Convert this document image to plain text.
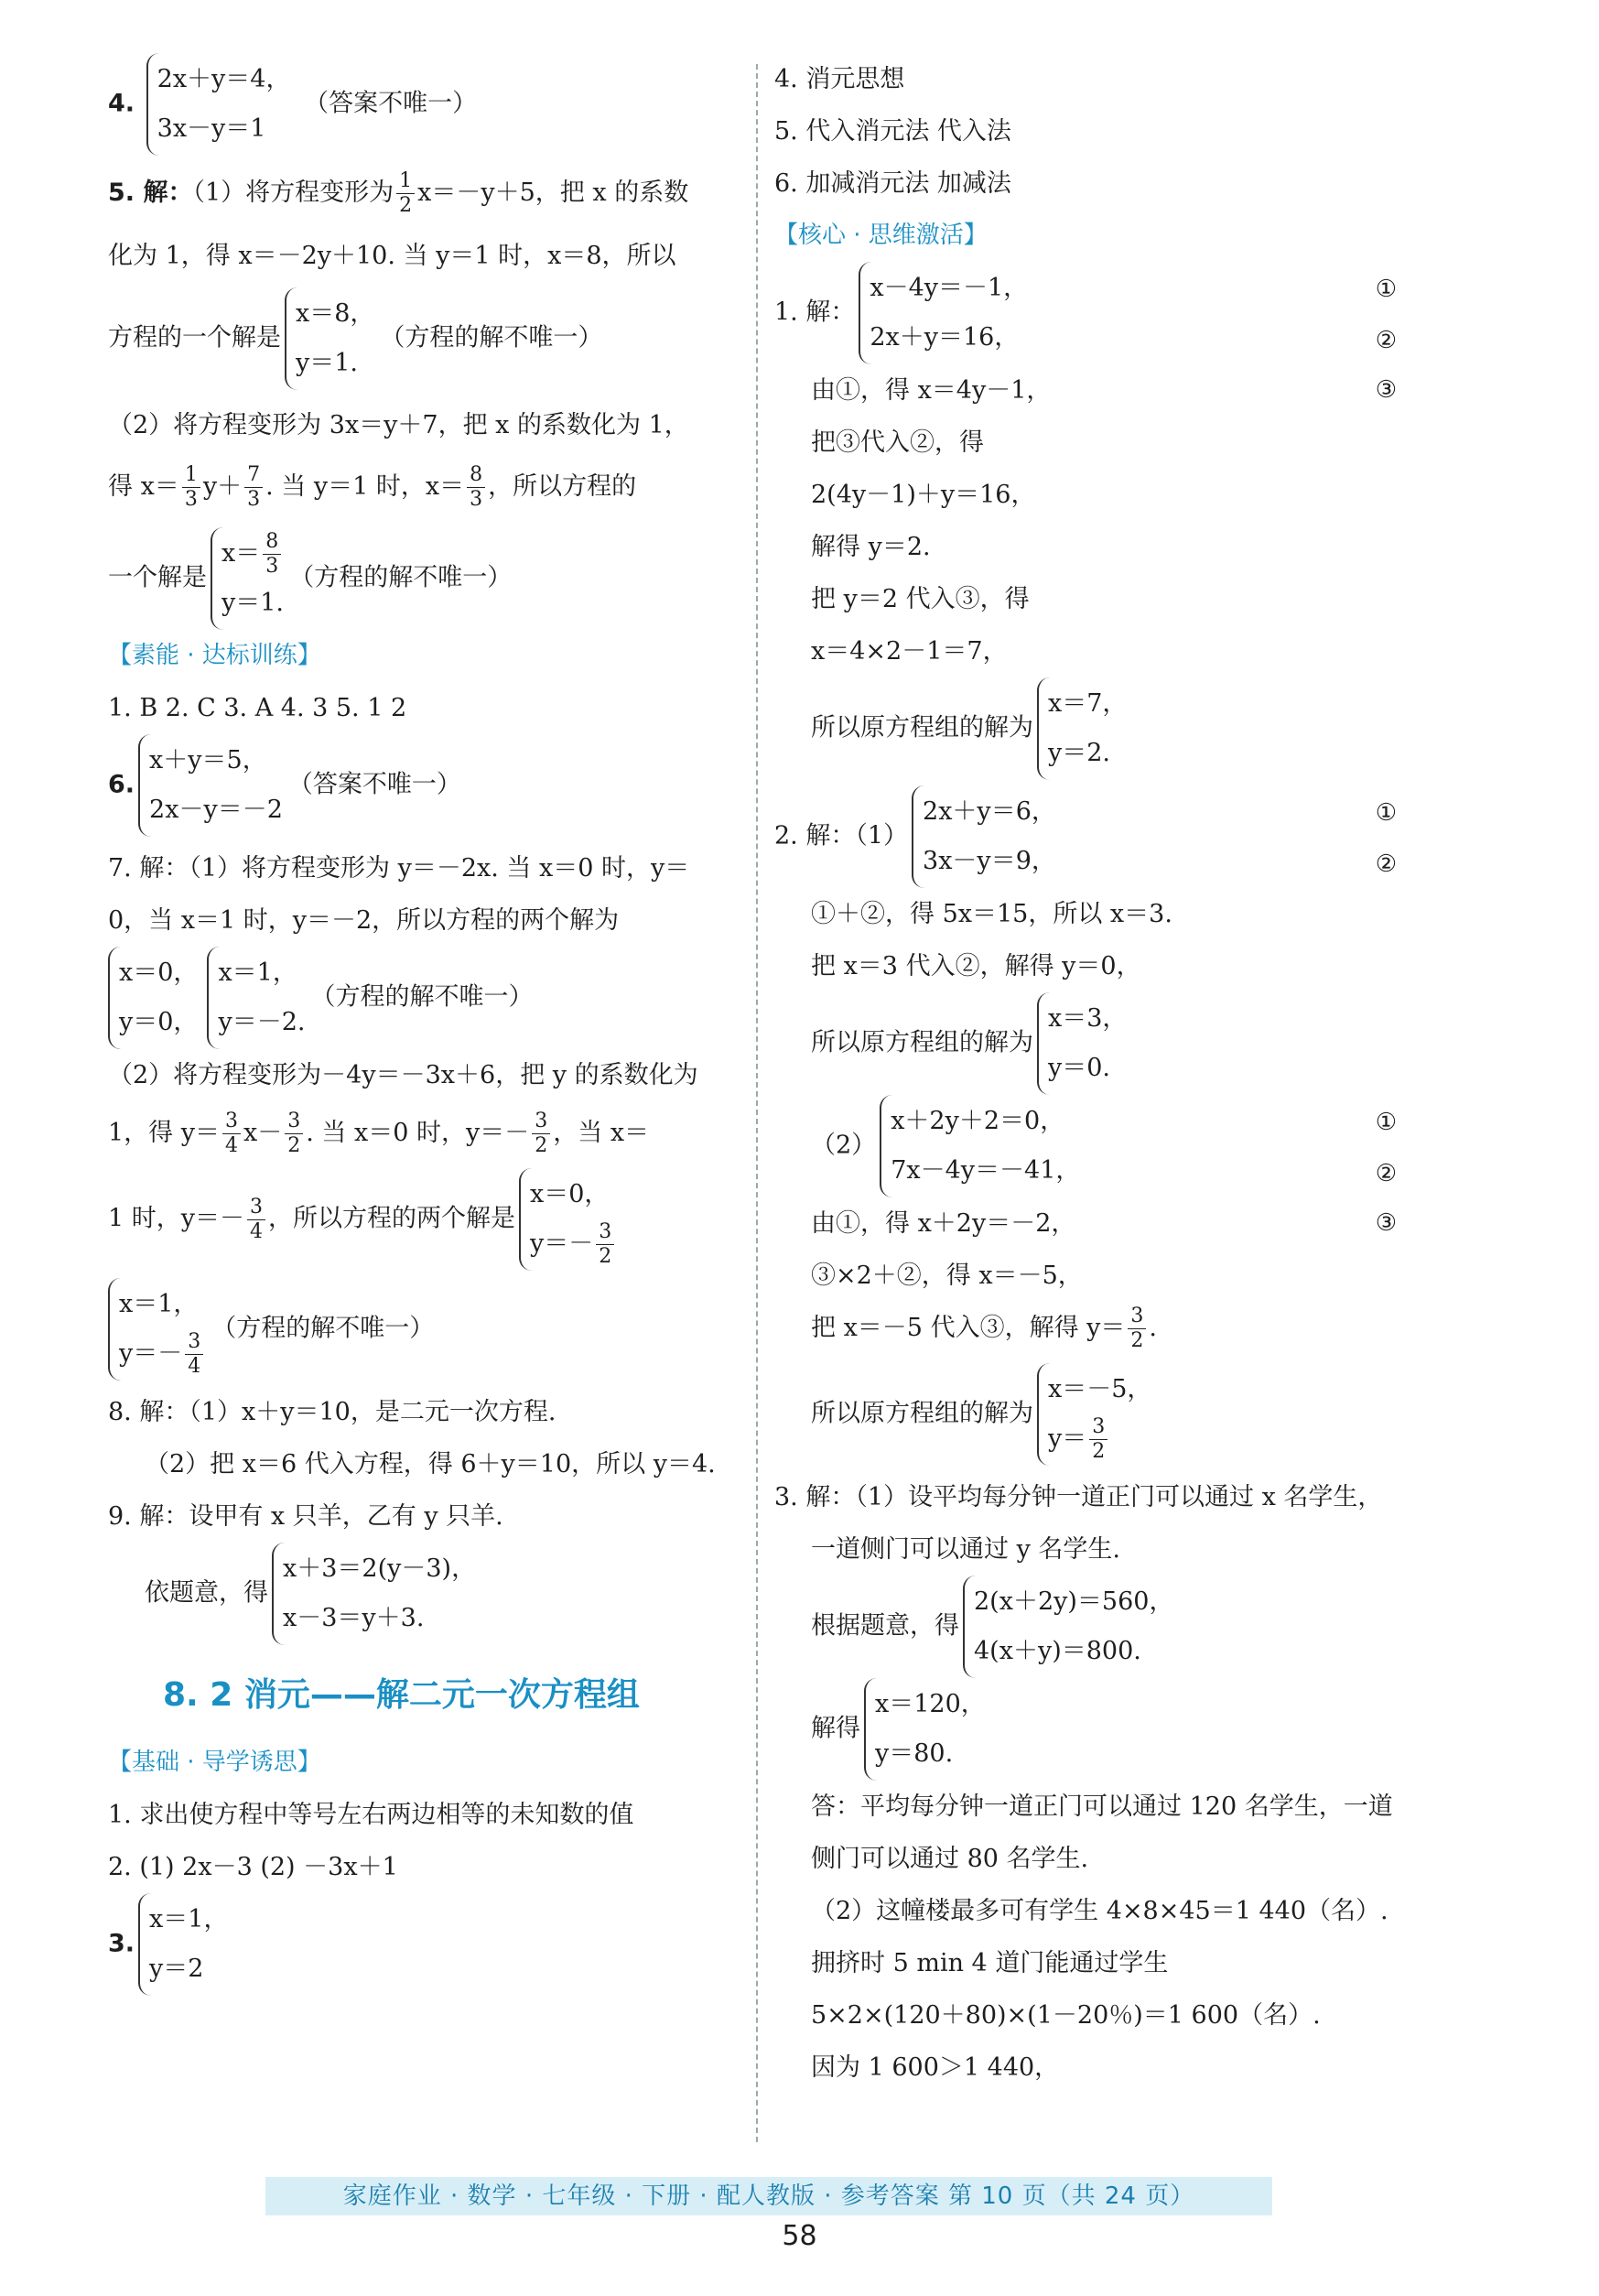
4.
2x＋y＝4，
3x－y＝1
（答案不唯一）
5. 解：（1）将方程变形为 $\frac{1}{2} x=-y+5$，把 x 的系数
化为 1，得 x＝－2y＋10. 当 y＝1 时，x＝8，所以
方程的一个解是
x＝8，
y＝1.
（方程的解不唯一）
（2）将方程变形为 3x＝y＋7，把 x 的系数化为 1，
得 $x= \frac{1}{3} y+ \frac{7}{3}$ . 当 y＝1 时，$x= \frac{8}{3}$ ，所以方程的
一个解是
$x= \frac{8}{3}$
y＝1.
（方程的解不唯一）
【素能 · 达标训练】
1. B 2. C 3. A 4. 3 5. 1 2
6.
x＋y＝5，
2x－y＝－2
（答案不唯一）
7. 解：（1）将方程变形为 y＝－2x. 当 x＝0 时，y＝
0，当 x＝1 时，y＝－2，所以方程的两个解为
x＝0，
y＝0，
x＝1，
y＝－2.
（方程的解不唯一）
（2）将方程变形为－4y＝－3x＋6，把 y 的系数化为
1，得 $y= \frac{3}{4} x- \frac{3}{2}$ . 当 x＝0 时，$y=- \frac{3}{2}$ ，当 x＝
1 时，$y=- \frac{3}{4}$ ，所以方程的两个解是
x＝0，
$y=- \frac{3}{2}$
x＝1，
$y=- \frac{3}{4}$
（方程的解不唯一）
8. 解：（1）x＋y＝10，是二元一次方程.
（2）把 x＝6 代入方程，得 6＋y＝10，所以 y＝4.
9. 解：设甲有 x 只羊，乙有 y 只羊.
依题意，得
x＋3＝2(y－3)，
x－3＝y＋3.
8. 2 消元——解二元一次方程组
【基础 · 导学诱思】
1. 求出使方程中等号左右两边相等的未知数的值
2. (1) 2x－3 (2) －3x＋1
3.
x＝1，
y＝2
4. 消元思想
5. 代入消元法 代入法
6. 加减消元法 加减法
【核心 · 思维激活】
1. 解：
x－4y＝－1，
2x＋y＝16，
①
②
由①，得 x＝4y－1，	③
把③代入②，得
2(4y－1)＋y＝16，
解得 y＝2.
把 y＝2 代入③，得
x＝4×2－1＝7，
所以原方程组的解为
x＝7，
y＝2.
2. 解：（1）
2x＋y＝6，
3x－y＝9，
①
②
①＋②，得 5x＝15，所以 x＝3.
把 x＝3 代入②，解得 y＝0，
所以原方程组的解为
x＝3，
y＝0.
（2）
x＋2y＋2＝0，
7x－4y＝－41，
①
②
由①，得 x＋2y＝－2，	③
③×2＋②，得 x＝－5，
把 x＝－5 代入③，解得 $y= \frac{3}{2}$ .
所以原方程组的解为
x＝－5，
$y= \frac{3}{2}$
3. 解：（1）设平均每分钟一道正门可以通过 x 名学生，
一道侧门可以通过 y 名学生.
根据题意，得
2(x＋2y)＝560，
4(x＋y)＝800.
解得
x＝120，
y＝80.
答：平均每分钟一道正门可以通过 120 名学生，一道
侧门可以通过 80 名学生.
（2）这幢楼最多可有学生 4×8×45＝1 440（名）.
拥挤时 5 min 4 道门能通过学生
5×2×(120＋80)×(1－20％)＝1 600（名）.
因为 1 600＞1 440，
家庭作业 · 数学 · 七年级 · 下册 · 配人教版 · 参考答案 第 10 页（共 24 页）
58
